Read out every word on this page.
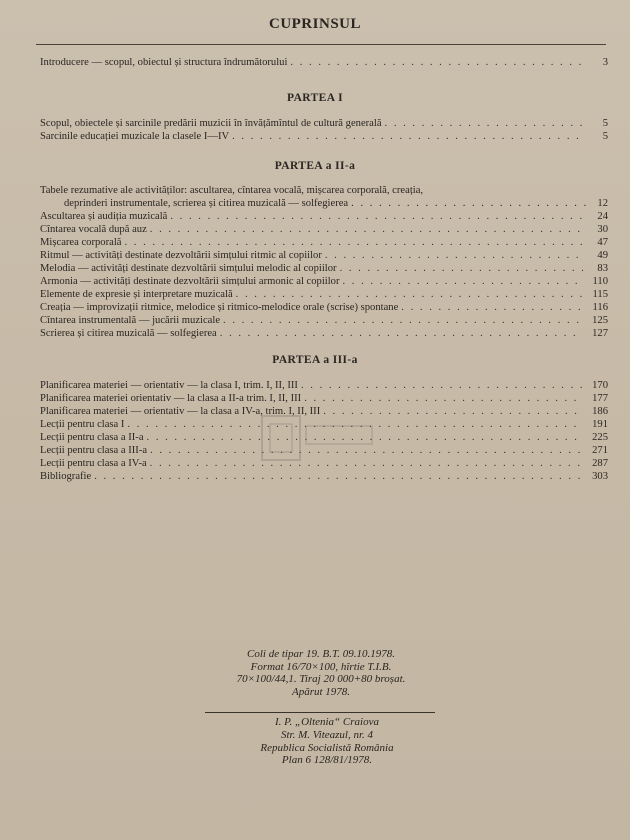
CUPRINSUL
Introducere — scopul, obiectul și structura îndrumătorului . . .	3
PARTEA I
Scopul, obiectele și sarcinile predării muzicii în învățămîntul de cultură generală . . .	5
Sarcinile educației muzicale la clasele I—IV . . .	5
PARTEA a II-a
Tabele rezumative ale activităților: ascultarea, cîntarea vocală, mișcarea corporală, creația,
deprinderi instrumentale, scrierea și citirea muzicală — solfegierea . . .	12
Ascultarea și audiția muzicală . . .	24
Cîntarea vocală după auz . . .	30
Mișcarea corporală . . .	47
Ritmul — activități destinate dezvoltării simțului ritmic al copiilor . . .	49
Melodia — activități destinate dezvoltării simțului melodic al copiilor . . .	83
Armonia — activități destinate dezvoltării simțului armonic al copiilor . . .	110
Elemente de expresie și interpretare muzicală . . .	115
Creația — improvizații ritmice, melodice și ritmico-melodice orale (scrise) spontane . . .	116
Cîntarea instrumentală — jucării muzicale . . .	125
Scrierea și citirea muzicală — solfegierea . . .	127
PARTEA a III-a
Planificarea materiei — orientativ — la clasa I, trim. I, II, III . . .	170
Planificarea materiei orientativ — la clasa a II-a trim. I, II, III . . .	177
Planificarea materiei — orientativ — la clasa a IV-a, trim. I, II, III . . .	186
Lecții pentru clasa I . . .	191
Lecții pentru clasa a II-a . . .	225
Lecții pentru clasa a III-a . . .	271
Lecții pentru clasa a IV-a . . .	287
Bibliografie . . .	303
Coli de tipar 19. B.T. 09.10.1978.
Format 16/70×100, hîrtie T.I.B.
70×100/44,1. Tiraj 20 000+80 broșat.
Apărut 1978.
I. P. „Oltenia“ Craiova
Str. M. Viteazul, nr. 4
Republica Socialistă România
Plan 6 128/81/1978.
